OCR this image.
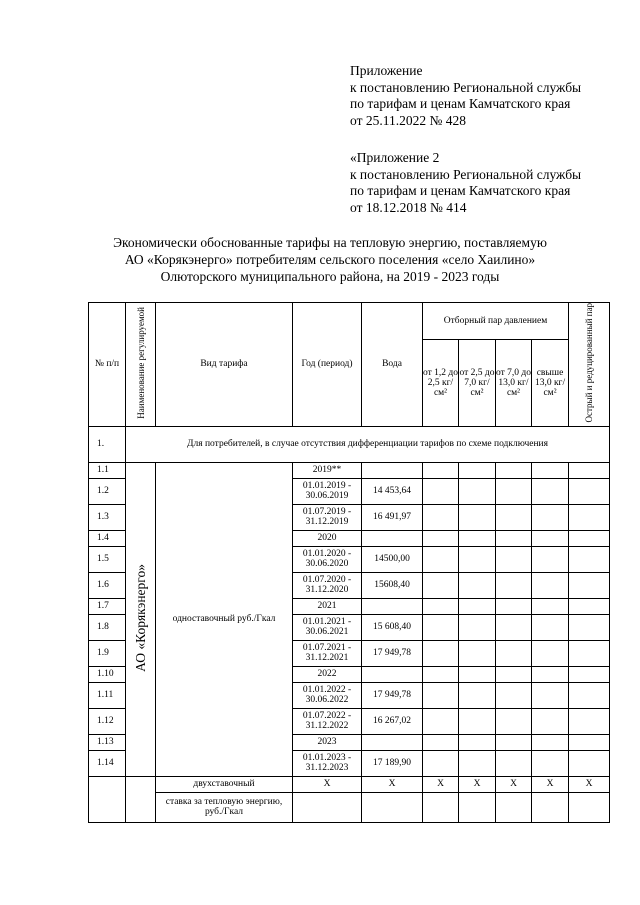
Приложение
к постановлению Региональной службы
по тарифам и ценам Камчатского края
от 25.11.2022 № 428
«Приложение 2
к постановлению Региональной службы
по тарифам и ценам Камчатского края
от 18.12.2018 № 414
Экономически обоснованные тарифы на тепловую энергию, поставляемую
АО «Корякэнерго» потребителям сельского поселения «село Хаилино»
Олюторского муниципального района, на 2019 - 2023 годы
№ п/п	Наименование регулируемой	Вид тарифа	Год (период)	Вода	Отборный пар давлением				Острый и редуцированный пар
					от 1,2 до 2,5 кг/см²	от 2,5 до 7,0 кг/см²	от 7,0 до 13,0 кг/см²	свыше 13,0 кг/см²	
1.	Для потребителей, в случае отсутствия дифференциации тарифов по схеме подключения								
1.1	АО «Корякэнерго»	одноставочный руб./Гкал	2019**						
1.2			01.01.2019 - 30.06.2019	14 453,64					
1.3			01.07.2019 - 31.12.2019	16 491,97					
1.4			2020						
1.5			01.01.2020 - 30.06.2020	14500,00					
1.6			01.07.2020 - 31.12.2020	15608,40					
1.7			2021						
1.8			01.01.2021 - 30.06.2021	15 608,40					
1.9			01.07.2021 - 31.12.2021	17 949,78					
1.10			2022						
1.11			01.01.2022 - 30.06.2022	17 949,78					
1.12			01.07.2022 - 31.12.2022	16 267,02					
1.13			2023						
1.14			01.01.2023 - 31.12.2023	17 189,90					
		двухставочный	X	X	X	X	X	X	X
		ставка за тепловую энергию, руб./Гкал							
